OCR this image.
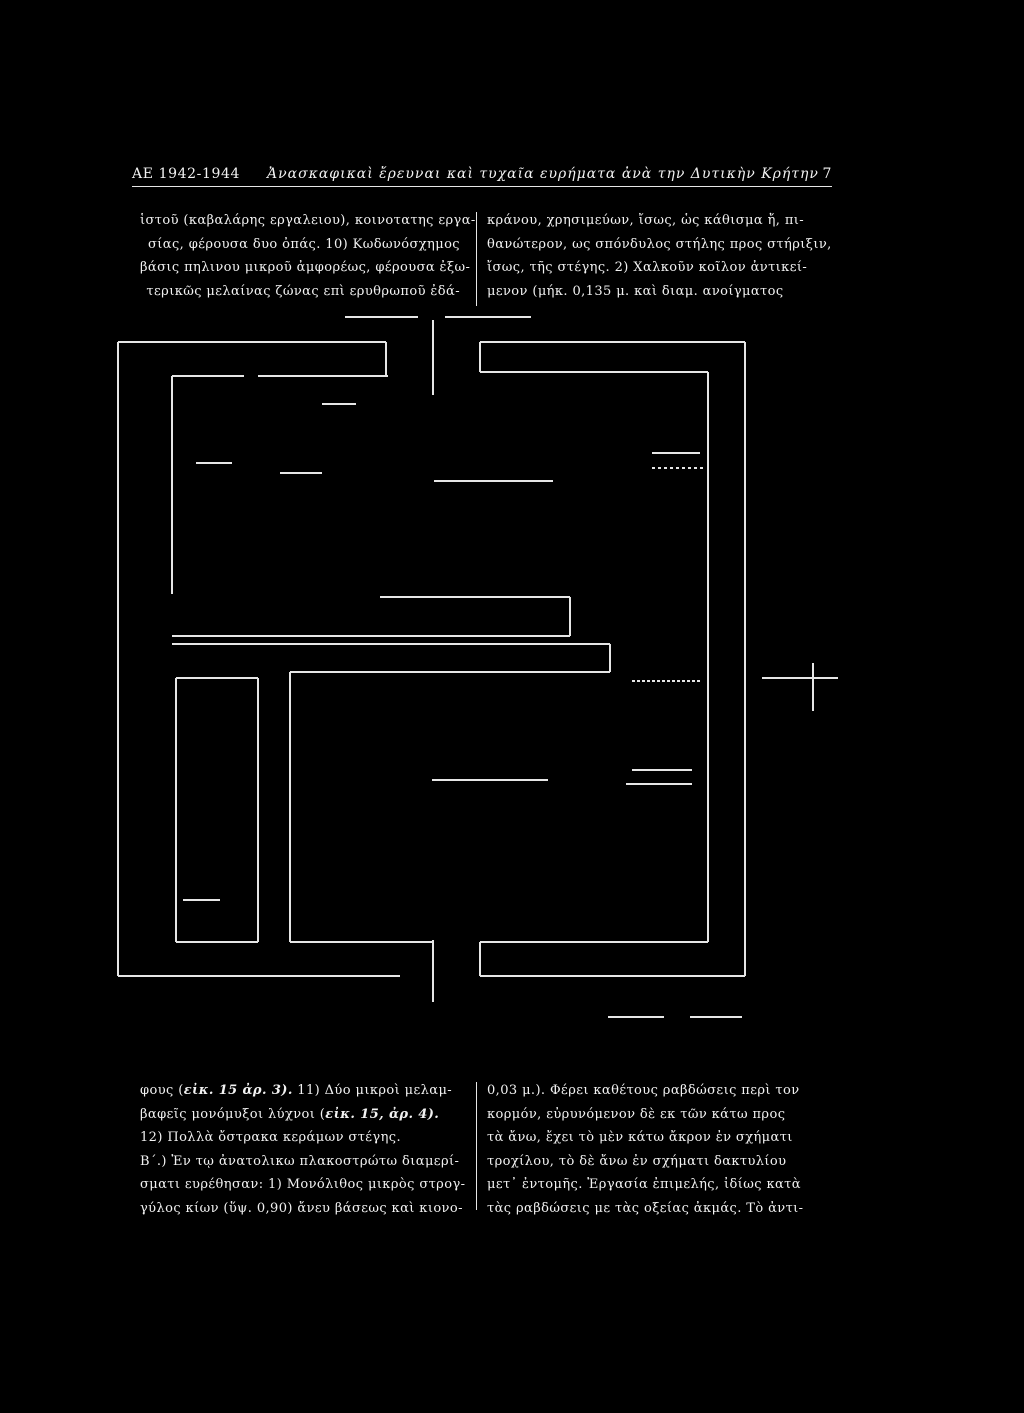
ΑΕ 1942-1944 Ἀνασκαφικαὶ ἔρευναι καὶ τυχαῖα ευρήματα ἀνὰ την Δυτικὴν Κρήτην 7

ἱστοῦ (καβαλάρης εργαλειου), κοινοτατης εργα-

σίας, φέρουσα δυο ὀπάς. 10) Κωδωνόσχημος

βάσις πηλινου μικροῦ ἀμφορέως, φέρουσα ἐξω-

τερικῶς μελαίνας ζώνας επὶ ερυθρωποῦ ἐδά-

κράνου, χρησιμεύων, ἴσως, ὡς κάθισμα ἤ, πι-

θανώτερον, ως σπόνδυλος στήλης προς στήριξιν,

ἴσως, τῆς στέγης. 2) Χαλκοῦν κοῖλον ἀντικεί-

μενον (μήκ. 0,135 μ. καὶ διαμ. ανοίγματος

φους (εἰκ. 15 ἀρ. 3). 11) Δύο μικροὶ μελαμ-

βαφεῖς μονόμυξοι λύχνοι (εἰκ. 15, ἀρ. 4).

12) Πολλὰ ὄστρακα κεράμων στέγης.

Β΄.) Ἐν τῳ ἀνατολικω πλακοστρώτω διαμερί-

σματι ευρέθησαν: 1) Μονόλιθος μικρὸς στρογ-

γύλος κίων (ὕψ. 0,90) ἄνευ βάσεως καὶ κιονο-

0,03 μ.). Φέρει καθέτους ραβδώσεις περὶ τον

κορμόν, εὐρυνόμενον δὲ εκ τῶν κάτω προς

τὰ ἄνω, ἔχει τὸ μὲν κάτω ἄκρον ἐν σχήματι

τροχίλου, τὸ δὲ ἄνω ἐν σχήματι δακτυλίου

μετ᾽ ἐντομῆς. Ἐργασία ἐπιμελής, ἰδίως κατὰ

τὰς ραβδώσεις με τὰς οξείας ἀκμάς. Τὸ ἀντι-
